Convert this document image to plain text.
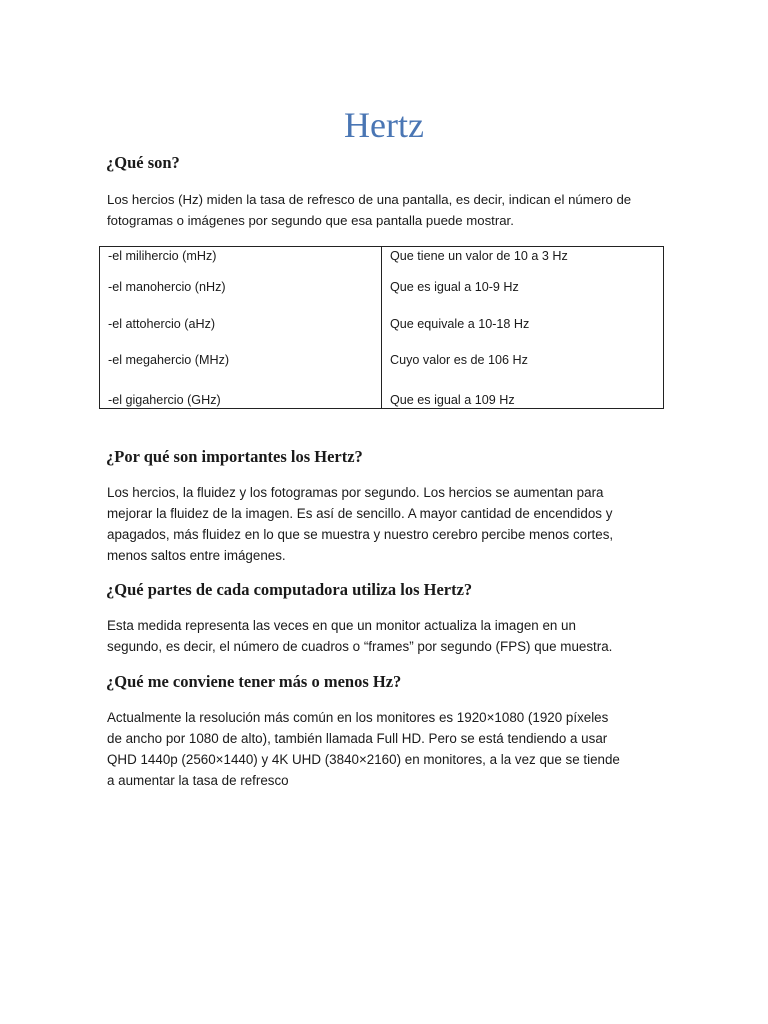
Hertz
¿Qué son?
Los hercios (Hz) miden la tasa de refresco de una pantalla, es decir, indican el número de
fotogramas o imágenes por segundo que esa pantalla puede mostrar.
-el milihercio (mHz)	Que tiene un valor de 10 a 3 Hz
-el manohercio (nHz)	Que es igual a 10-9 Hz
-el attohercio (aHz)	Que equivale a 10-18 Hz
-el megahercio (MHz)	Cuyo valor es de 106 Hz
-el gigahercio (GHz)	Que es igual a 109 Hz
¿Por qué son importantes los Hertz?
Los hercios, la fluidez y los fotogramas por segundo. Los hercios se aumentan para
mejorar la fluidez de la imagen. Es así de sencillo. A mayor cantidad de encendidos y
apagados, más fluidez en lo que se muestra y nuestro cerebro percibe menos cortes,
menos saltos entre imágenes.
¿Qué partes de cada computadora utiliza los Hertz?
Esta medida representa las veces en que un monitor actualiza la imagen en un
segundo, es decir, el número de cuadros o “frames” por segundo (FPS) que muestra.
¿Qué me conviene tener más o menos Hz?
Actualmente la resolución más común en los monitores es 1920×1080 (1920 píxeles
de ancho por 1080 de alto), también llamada Full HD. Pero se está tendiendo a usar
QHD 1440p (2560×1440) y 4K UHD (3840×2160) en monitores, a la vez que se tiende
a aumentar la tasa de refresco
